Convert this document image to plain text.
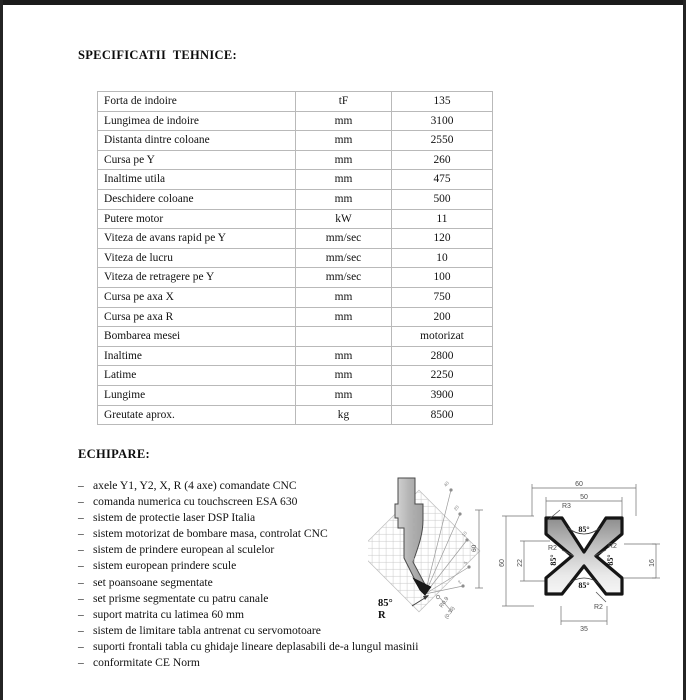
SPECIFICATII  TEHNICE:
Forta de indoire	tF	135
Lungimea de indoire	mm	3100
Distanta dintre coloane	mm	2550
Cursa pe Y	mm	260
Inaltime utila	mm	475
Deschidere coloane	mm	500
Putere motor	kW	11
Viteza de avans rapid pe Y	mm/sec	120
Viteza de lucru	mm/sec	10
Viteza de retragere pe Y	mm/sec	100
Cursa pe axa X	mm	750
Cursa pe axa R	mm	200
Bombarea mesei		motorizat
Inaltime	mm	2800
Latime	mm	2250
Lungime	mm	3900
Greutate aprox.	kg	8500
ECHIPARE:
– axele Y1, Y2, X, R (4 axe) comandate CNC
– comanda numerica cu touchscreen ESA 630
– sistem de protectie laser DSP Italia
– sistem motorizat de bombare masa, controlat CNC
– sistem de prindere european al sculelor
– sistem european prindere scule
– set poansoane segmentate
– set prisme segmentate cu patru canale
– suport matrita cu latimea 60 mm
– sistem de limitare tabla antrenat cu servomotoare
– suporti frontali tabla cu ghidaje lineare deplasabili de-a lungul masinii
– conformitate CE Norm
40
20
10
5
2
85°
R
R0.9
(0.35)
60
60
50
60 22	16
35
85°
85°
85°	85°
R3
R2	R2
R2
